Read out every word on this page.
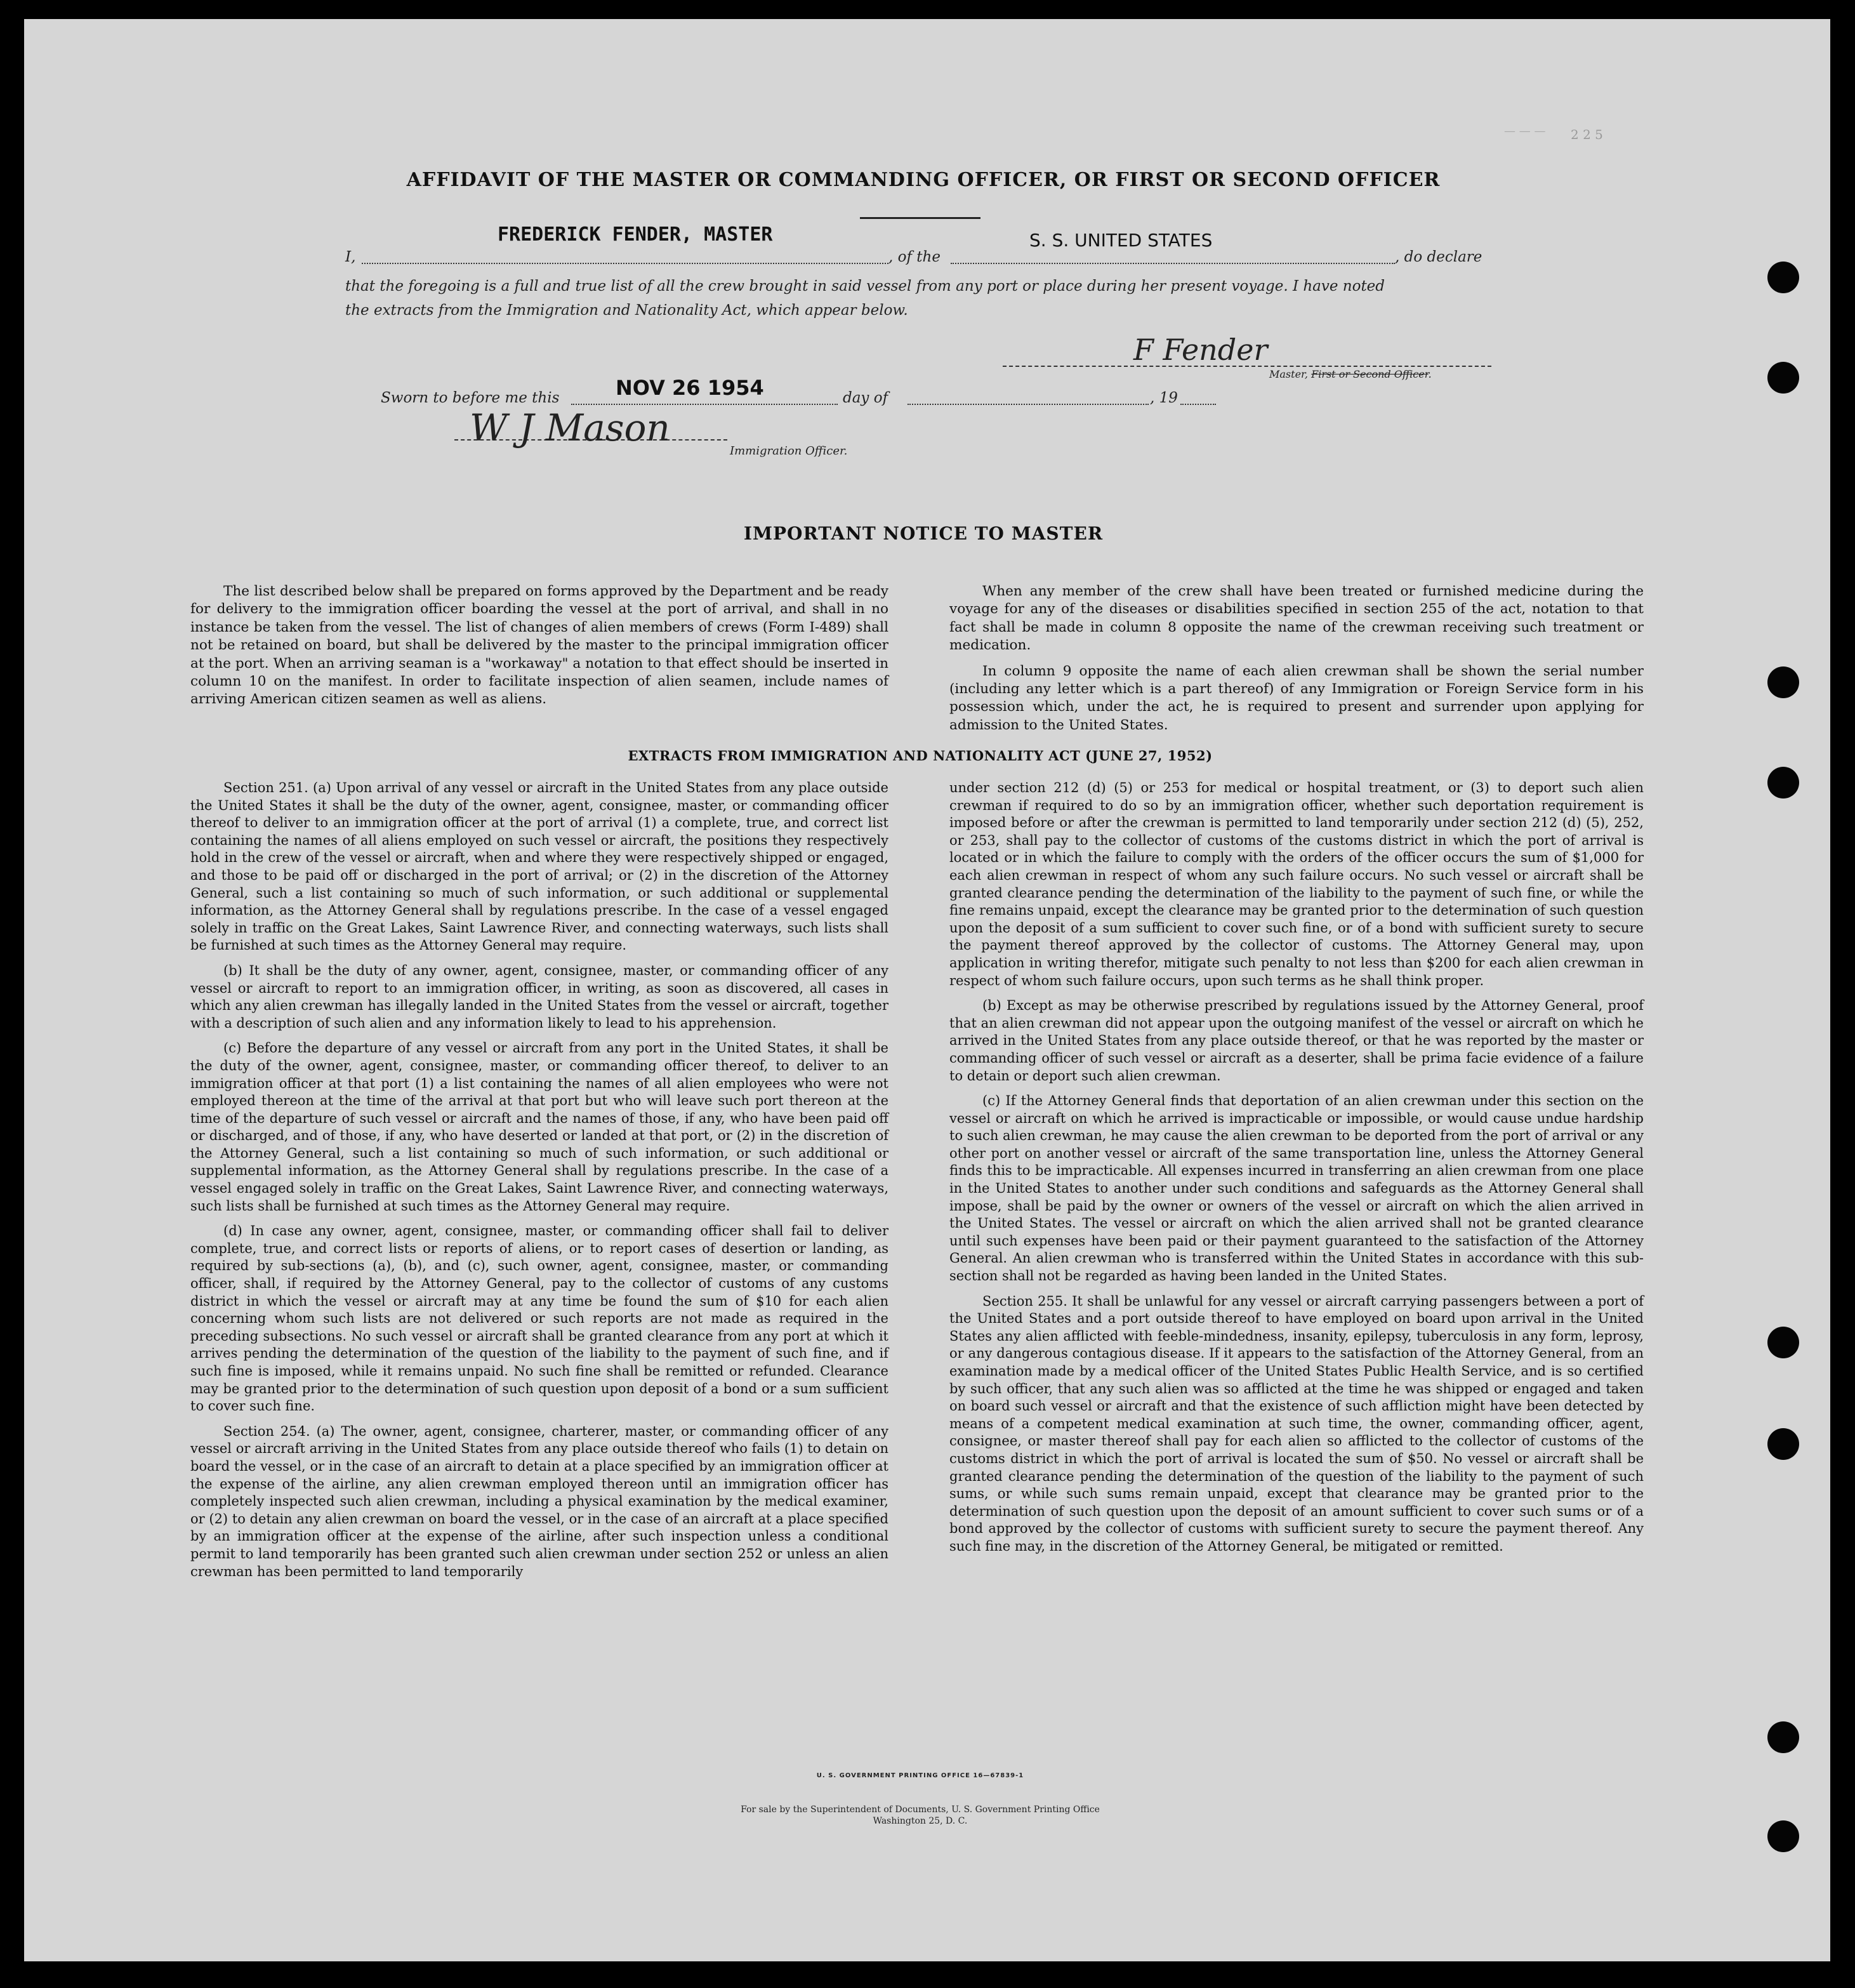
AFFIDAVIT OF THE MASTER OR COMMANDING OFFICER, OR FIRST OR SECOND OFFICER
I,
FREDERICK FENDER, MASTER
, of the
S. S. UNITED STATES
, do declare
that the foregoing is a full and true list of all the crew brought in said vessel from any port or place during her present voyage. I have noted
the extracts from the Immigration and Nationality Act, which appear below.
F Fender
Master, First or Second Officer.
Sworn to before me this	NOV 26 1954	day of	, 19
W J Mason
Immigration Officer.
2 2 5
— — —
IMPORTANT NOTICE TO MASTER

The list described below shall be prepared on forms approved by the Department and be ready for delivery to the immigration officer boarding the vessel at the port of arrival, and shall in no instance be taken from the vessel. The list of changes of alien members of crews (Form I-489) shall not be retained on board, but shall be delivered by the master to the principal immigration officer at the port. When an arriving seaman is a "workaway" a notation to that effect should be inserted in column 10 on the manifest. In order to facilitate inspection of alien seamen, include names of arriving American citizen seamen as well as aliens.

When any member of the crew shall have been treated or furnished medicine during the voyage for any of the diseases or disabilities specified in section 255 of the act, notation to that fact shall be made in column 8 opposite the name of the crewman receiving such treatment or medication.

In column 9 opposite the name of each alien crewman shall be shown the serial number (including any letter which is a part thereof) of any Immigration or Foreign Service form in his possession which, under the act, he is required to present and surrender upon applying for admission to the United States.

EXTRACTS FROM IMMIGRATION AND NATIONALITY ACT (JUNE 27, 1952)

Section 251. (a) Upon arrival of any vessel or aircraft in the United States from any place outside the United States it shall be the duty of the owner, agent, consignee, master, or commanding officer thereof to deliver to an immigration officer at the port of arrival (1) a complete, true, and correct list containing the names of all aliens employed on such vessel or aircraft, the positions they respectively hold in the crew of the vessel or aircraft, when and where they were respectively shipped or engaged, and those to be paid off or discharged in the port of arrival; or (2) in the discretion of the Attorney General, such a list containing so much of such information, or such additional or supplemental information, as the Attorney General shall by regulations prescribe. In the case of a vessel engaged solely in traffic on the Great Lakes, Saint Lawrence River, and connecting waterways, such lists shall be furnished at such times as the Attorney General may require.

(b) It shall be the duty of any owner, agent, consignee, master, or commanding officer of any vessel or aircraft to report to an immigration officer, in writing, as soon as discovered, all cases in which any alien crewman has illegally landed in the United States from the vessel or aircraft, together with a description of such alien and any information likely to lead to his apprehension.

(c) Before the departure of any vessel or aircraft from any port in the United States, it shall be the duty of the owner, agent, consignee, master, or commanding officer thereof, to deliver to an immigration officer at that port (1) a list containing the names of all alien employees who were not employed thereon at the time of the arrival at that port but who will leave such port thereon at the time of the departure of such vessel or aircraft and the names of those, if any, who have been paid off or discharged, and of those, if any, who have deserted or landed at that port, or (2) in the discretion of the Attorney General, such a list containing so much of such information, or such additional or supplemental information, as the Attorney General shall by regulations prescribe. In the case of a vessel engaged solely in traffic on the Great Lakes, Saint Lawrence River, and connecting waterways, such lists shall be furnished at such times as the Attorney General may require.

(d) In case any owner, agent, consignee, master, or commanding officer shall fail to deliver complete, true, and correct lists or reports of aliens, or to report cases of desertion or landing, as required by sub-sections (a), (b), and (c), such owner, agent, consignee, master, or commanding officer, shall, if required by the Attorney General, pay to the collector of customs of any customs district in which the vessel or aircraft may at any time be found the sum of $10 for each alien concerning whom such lists are not delivered or such reports are not made as required in the preceding subsections. No such vessel or aircraft shall be granted clearance from any port at which it arrives pending the determination of the question of the liability to the payment of such fine, and if such fine is imposed, while it remains unpaid. No such fine shall be remitted or refunded. Clearance may be granted prior to the determination of such question upon deposit of a bond or a sum sufficient to cover such fine.

Section 254. (a) The owner, agent, consignee, charterer, master, or commanding officer of any vessel or aircraft arriving in the United States from any place outside thereof who fails (1) to detain on board the vessel, or in the case of an aircraft to detain at a place specified by an immigration officer at the expense of the airline, any alien crewman employed thereon until an immigration officer has completely inspected such alien crewman, including a physical examination by the medical examiner, or (2) to detain any alien crewman on board the vessel, or in the case of an aircraft at a place specified by an immigration officer at the expense of the airline, after such inspection unless a conditional permit to land temporarily has been granted such alien crewman under section 252 or unless an alien crewman has been permitted to land temporarily

under section 212 (d) (5) or 253 for medical or hospital treatment, or (3) to deport such alien crewman if required to do so by an immigration officer, whether such deportation requirement is imposed before or after the crewman is permitted to land temporarily under section 212 (d) (5), 252, or 253, shall pay to the collector of customs of the customs district in which the port of arrival is located or in which the failure to comply with the orders of the officer occurs the sum of $1,000 for each alien crewman in respect of whom any such failure occurs. No such vessel or aircraft shall be granted clearance pending the determination of the liability to the payment of such fine, or while the fine remains unpaid, except the clearance may be granted prior to the determination of such question upon the deposit of a sum sufficient to cover such fine, or of a bond with sufficient surety to secure the payment thereof approved by the collector of customs. The Attorney General may, upon application in writing therefor, mitigate such penalty to not less than $200 for each alien crewman in respect of whom such failure occurs, upon such terms as he shall think proper.

(b) Except as may be otherwise prescribed by regulations issued by the Attorney General, proof that an alien crewman did not appear upon the outgoing manifest of the vessel or aircraft on which he arrived in the United States from any place outside thereof, or that he was reported by the master or commanding officer of such vessel or aircraft as a deserter, shall be prima facie evidence of a failure to detain or deport such alien crewman.

(c) If the Attorney General finds that deportation of an alien crewman under this section on the vessel or aircraft on which he arrived is impracticable or impossible, or would cause undue hardship to such alien crewman, he may cause the alien crewman to be deported from the port of arrival or any other port on another vessel or aircraft of the same transportation line, unless the Attorney General finds this to be impracticable. All expenses incurred in transferring an alien crewman from one place in the United States to another under such conditions and safeguards as the Attorney General shall impose, shall be paid by the owner or owners of the vessel or aircraft on which the alien arrived in the United States. The vessel or aircraft on which the alien arrived shall not be granted clearance until such expenses have been paid or their payment guaranteed to the satisfaction of the Attorney General. An alien crewman who is transferred within the United States in accordance with this sub-section shall not be regarded as having been landed in the United States.

Section 255. It shall be unlawful for any vessel or aircraft carrying passengers between a port of the United States and a port outside thereof to have employed on board upon arrival in the United States any alien afflicted with feeble-mindedness, insanity, epilepsy, tuberculosis in any form, leprosy, or any dangerous contagious disease. If it appears to the satisfaction of the Attorney General, from an examination made by a medical officer of the United States Public Health Service, and is so certified by such officer, that any such alien was so afflicted at the time he was shipped or engaged and taken on board such vessel or aircraft and that the existence of such affliction might have been detected by means of a competent medical examination at such time, the owner, commanding officer, agent, consignee, or master thereof shall pay for each alien so afflicted to the collector of customs of the customs district in which the port of arrival is located the sum of $50. No vessel or aircraft shall be granted clearance pending the determination of the question of the liability to the payment of such sums, or while such sums remain unpaid, except that clearance may be granted prior to the determination of such question upon the deposit of an amount sufficient to cover such sums or of a bond approved by the collector of customs with sufficient surety to secure the payment thereof. Any such fine may, in the discretion of the Attorney General, be mitigated or remitted.

U. S. GOVERNMENT PRINTING OFFICE 16—67839-1
For sale by the Superintendent of Documents, U. S. Government Printing Office
Washington 25, D. C.
